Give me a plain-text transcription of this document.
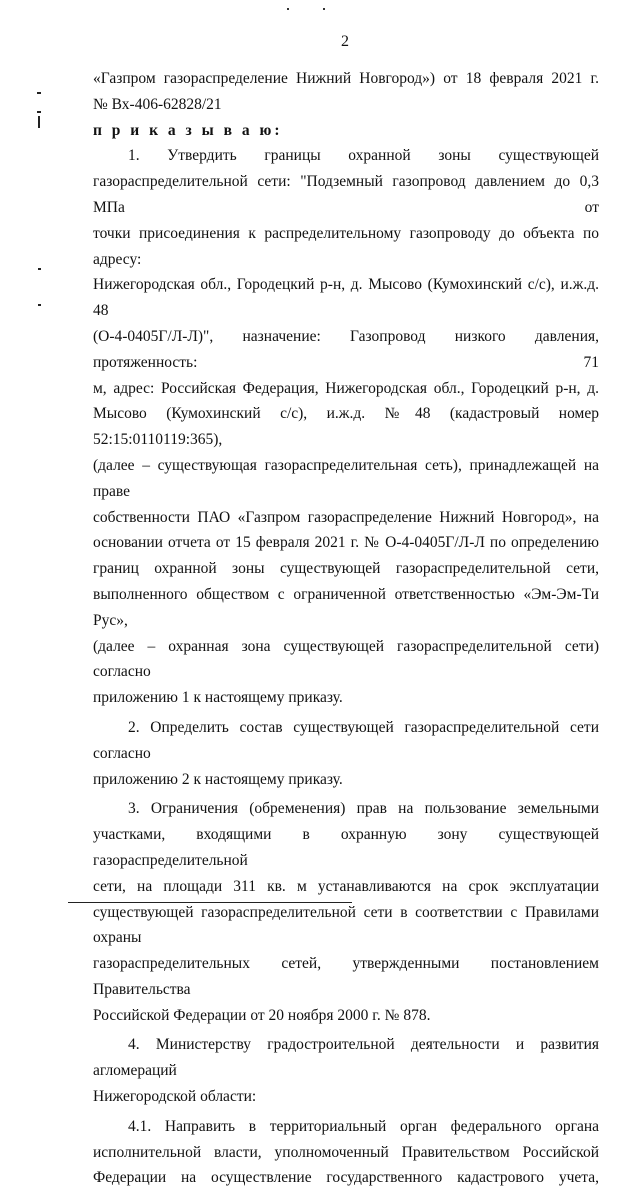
2

«Газпром газораспределение Нижний Новгород») от 18 февраля 2021 г.

№ Вх-406-62828/21

п р и к а з ы в а ю:

1. Утвердить границы охранной зоны существующей

газораспределительной сети: "Подземный газопровод давлением до 0,3 МПа от

точки присоединения к распределительному газопроводу до объекта по адресу:

Нижегородская обл., Городецкий р-н, д. Мысово (Кумохинский с/с), и.ж.д. 48

(О-4-0405Г/Л-Л)", назначение: Газопровод низкого давления, протяженность: 71

м, адрес: Российская Федерация, Нижегородская обл., Городецкий р-н, д.

Мысово (Кумохинский с/с), и.ж.д. №48 (кадастровый номер 52:15:0110119:365),

(далее – существующая газораспределительная сеть), принадлежащей на праве

собственности ПАО «Газпром газораспределение Нижний Новгород», на

основании отчета от 15 февраля 2021 г. № О-4-0405Г/Л-Л по определению

границ охранной зоны существующей газораспределительной сети,

выполненного обществом с ограниченной ответственностью «Эм-Эм-Ти Рус»,

(далее – охранная зона существующей газораспределительной сети) согласно

приложению 1 к настоящему приказу.

2. Определить состав существующей газораспределительной сети согласно

приложению 2 к настоящему приказу.

3. Ограничения (обременения) прав на пользование земельными

участками, входящими в охранную зону существующей газораспределительной

сети, на площади 311 кв. м устанавливаются на срок эксплуатации

существующей газораспределительной сети в соответствии с Правилами охраны

газораспределительных сетей, утвержденными постановлением Правительства

Российской Федерации от 20 ноября 2000 г. № 878.

4. Министерству градостроительной деятельности и развития агломераций

Нижегородской области:

4.1. Направить в территориальный орган федерального органа

исполнительной власти, уполномоченный Правительством Российской

Федерации на осуществление государственного кадастрового учета,
